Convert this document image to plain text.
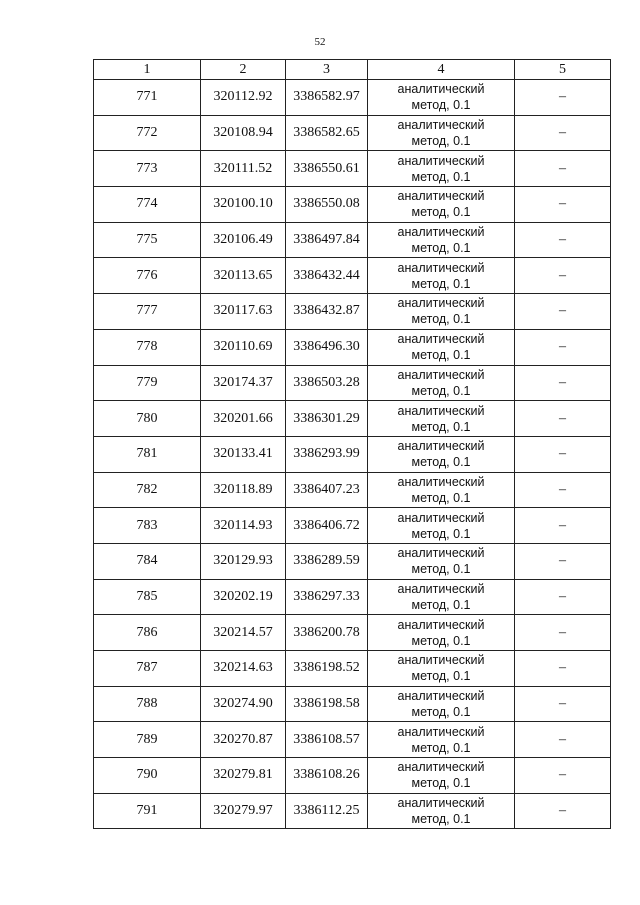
52
1	2	3	4	5
771	320112.92	3386582.97	аналитический
метод, 0.1	–
772	320108.94	3386582.65	аналитический
метод, 0.1	–
773	320111.52	3386550.61	аналитический
метод, 0.1	–
774	320100.10	3386550.08	аналитический
метод, 0.1	–
775	320106.49	3386497.84	аналитический
метод, 0.1	–
776	320113.65	3386432.44	аналитический
метод, 0.1	–
777	320117.63	3386432.87	аналитический
метод, 0.1	–
778	320110.69	3386496.30	аналитический
метод, 0.1	–
779	320174.37	3386503.28	аналитический
метод, 0.1	–
780	320201.66	3386301.29	аналитический
метод, 0.1	–
781	320133.41	3386293.99	аналитический
метод, 0.1	–
782	320118.89	3386407.23	аналитический
метод, 0.1	–
783	320114.93	3386406.72	аналитический
метод, 0.1	–
784	320129.93	3386289.59	аналитический
метод, 0.1	–
785	320202.19	3386297.33	аналитический
метод, 0.1	–
786	320214.57	3386200.78	аналитический
метод, 0.1	–
787	320214.63	3386198.52	аналитический
метод, 0.1	–
788	320274.90	3386198.58	аналитический
метод, 0.1	–
789	320270.87	3386108.57	аналитический
метод, 0.1	–
790	320279.81	3386108.26	аналитический
метод, 0.1	–
791	320279.97	3386112.25	аналитический
метод, 0.1	–
